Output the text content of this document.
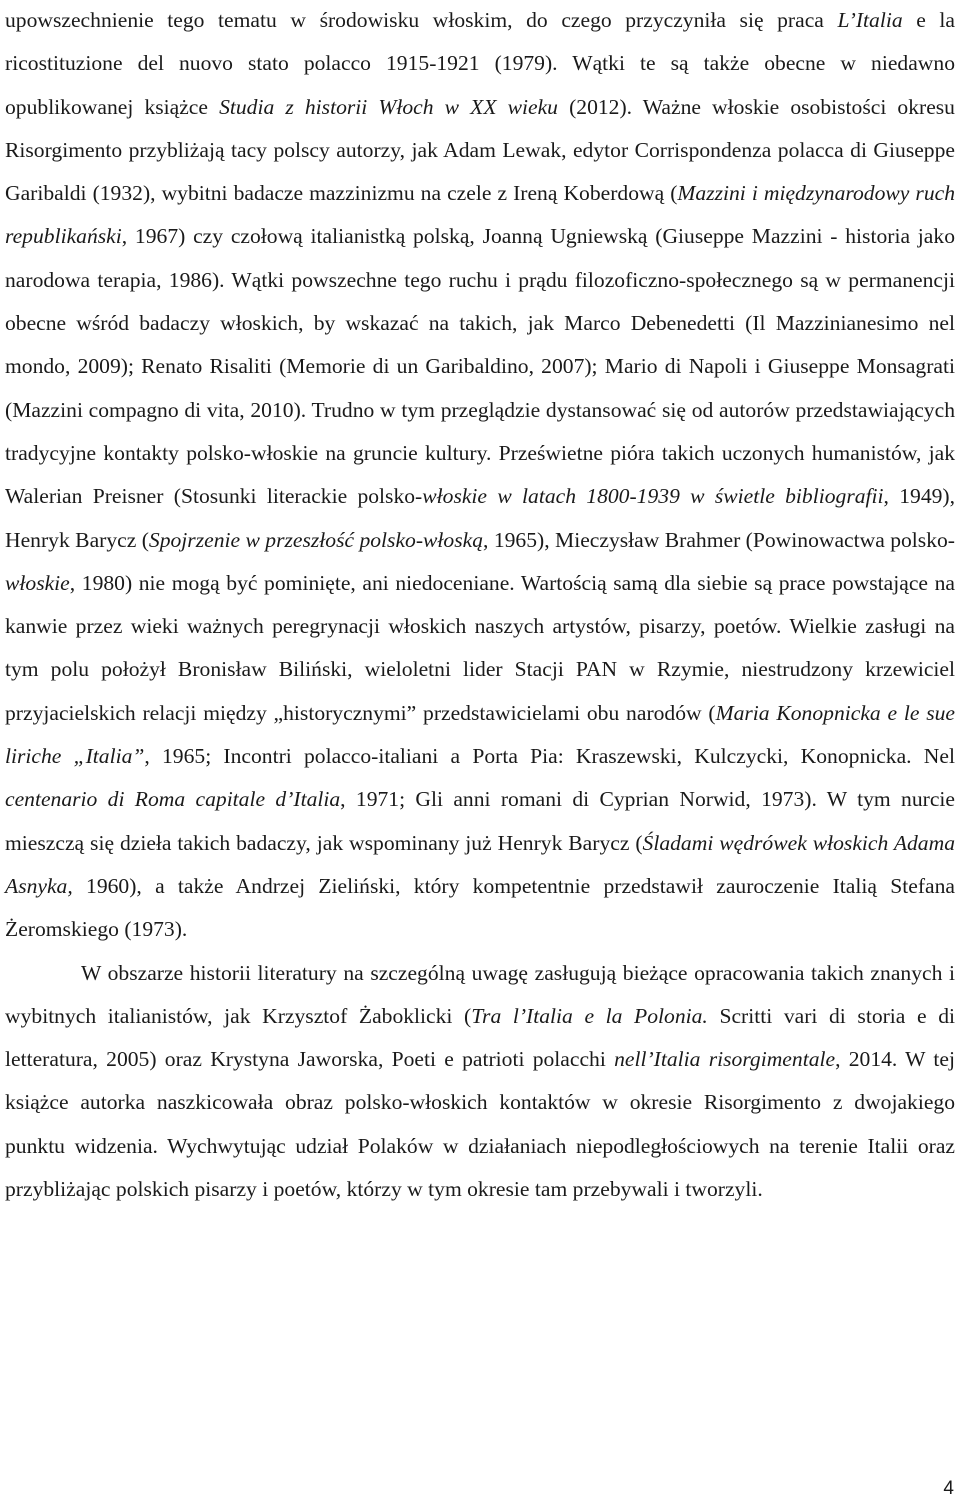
upowszechnienie tego tematu w środowisku włoskim, do czego przyczyniła się praca L’Italia e la ricostituzione del nuovo stato polacco 1915-1921 (1979). Wątki te są także obecne w niedawno opublikowanej książce Studia z historii Włoch w XX wieku (2012). Ważne włoskie osobistości okresu Risorgimento przybliżają tacy polscy autorzy, jak Adam Lewak, edytor Corrispondenza polacca di Giuseppe Garibaldi (1932), wybitni badacze mazzinizmu na czele z Ireną Koberdową (Mazzini i międzynarodowy ruch republikański, 1967) czy czołową italianistką polską, Joanną Ugniewską (Giuseppe Mazzini - historia jako narodowa terapia, 1986). Wątki powszechne tego ruchu i prądu filozoficzno-społecznego są w permanencji obecne wśród badaczy włoskich, by wskazać na takich, jak Marco Debenedetti (Il Mazzinianesimo nel mondo, 2009); Renato Risaliti (Memorie di un Garibaldino, 2007); Mario di Napoli i Giuseppe Monsagrati (Mazzini compagno di vita, 2010). Trudno w tym przeglądzie dystansować się od autorów przedstawiających tradycyjne kontakty polsko-włoskie na gruncie kultury. Prześwietne pióra takich uczonych humanistów, jak Walerian Preisner (Stosunki literackie polsko-włoskie w latach 1800-1939 w świetle bibliografii, 1949), Henryk Barycz (Spojrzenie w przeszłość polsko-włoską, 1965), Mieczysław Brahmer (Powinowactwa polsko-włoskie, 1980) nie mogą być pominięte, ani niedoceniane. Wartością samą dla siebie są prace powstające na kanwie przez wieki ważnych peregrynacji włoskich naszych artystów, pisarzy, poetów. Wielkie zasługi na tym polu położył Bronisław Biliński, wieloletni lider Stacji PAN w Rzymie, niestrudzony krzewiciel przyjacielskich relacji między „historycznymi” przedstawicielami obu narodów (Maria Konopnicka e le sue liriche „Italia”, 1965; Incontri polacco-italiani a Porta Pia: Kraszewski, Kulczycki, Konopnicka. Nel centenario di Roma capitale d’Italia, 1971; Gli anni romani di Cyprian Norwid, 1973). W tym nurcie mieszczą się dzieła takich badaczy, jak wspominany już Henryk Barycz (Śladami wędrówek włoskich Adama Asnyka, 1960), a także Andrzej Zieliński, który kompetentnie przedstawił zauroczenie Italią Stefana Żeromskiego (1973).

W obszarze historii literatury na szczególną uwagę zasługują bieżące opracowania takich znanych i wybitnych italianistów, jak Krzysztof Żaboklicki (Tra l’Italia e la Polonia. Scritti vari di storia e di letteratura, 2005) oraz Krystyna Jaworska, Poeti e patrioti polacchi nell’Italia risorgimentale, 2014. W tej książce autorka naszkicowała obraz polsko-włoskich kontaktów w okresie Risorgimento z dwojakiego punktu widzenia. Wychwytując udział Polaków w działaniach niepodległościowych na terenie Italii oraz przybliżając polskich pisarzy i poetów, którzy w tym okresie tam przebywali i tworzyli.

4
